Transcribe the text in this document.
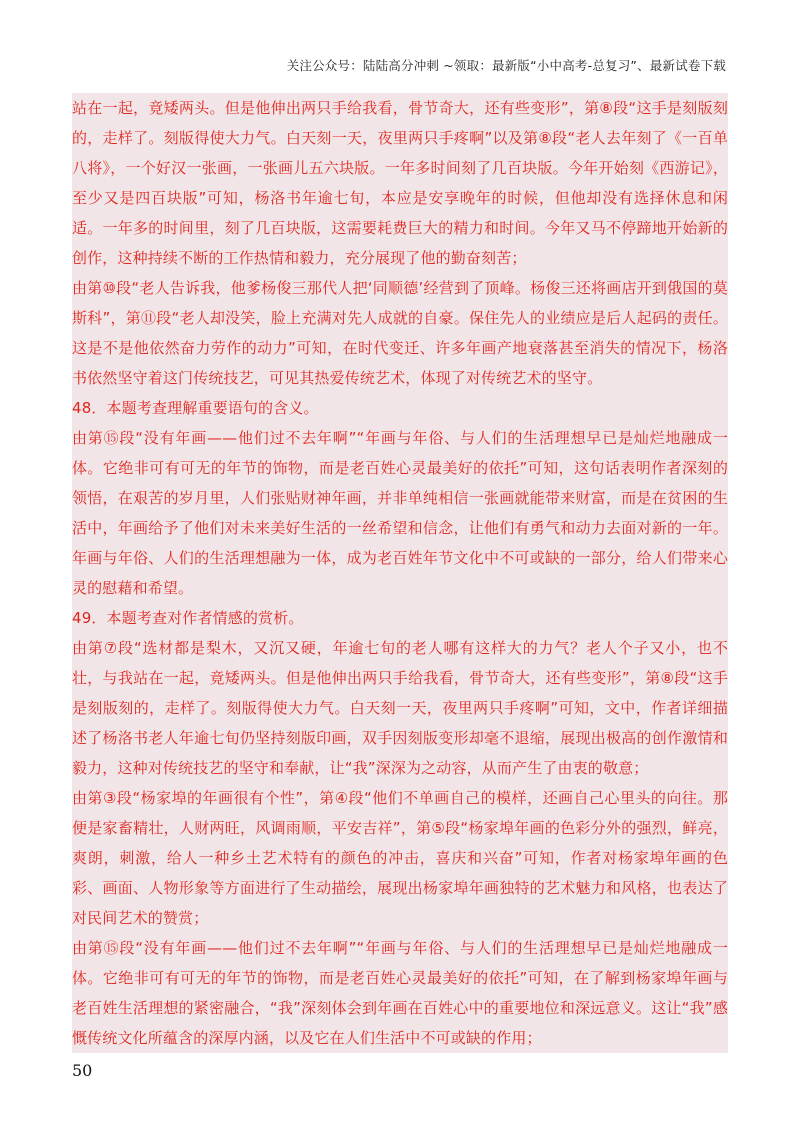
关注公众号：陆陆高分冲刺 ~领取：最新版“小中高考-总复习”、最新试卷下载

站在一起，竟矮两头。但是他伸出两只手给我看，骨节奇大，还有些变形”，第⑧段“这手是刻版刻的，走样了。刻版得使大力气。白天刻一天，夜里两只手疼啊”以及第⑧段“老人去年刻了《一百单八将》，一个好汉一张画，一张画儿五六块版。一年多时间刻了几百块版。今年开始刻《西游记》，至少又是四百块版”可知，杨洛书年逾七旬，本应是安享晚年的时候，但他却没有选择休息和闲适。一年多的时间里，刻了几百块版，这需要耗费巨大的精力和时间。今年又马不停蹄地开始新的创作，这种持续不断的工作热情和毅力，充分展现了他的勤奋刻苦；

由第⑩段“老人告诉我，他爹杨俊三那代人把‘同顺德’经营到了顶峰。杨俊三还将画店开到俄国的莫斯科”，第⑪段“老人却没笑，脸上充满对先人成就的自豪。保住先人的业绩应是后人起码的责任。这是不是他依然奋力劳作的动力”可知，在时代变迁、许多年画产地衰落甚至消失的情况下，杨洛书依然坚守着这门传统技艺，可见其热爱传统艺术，体现了对传统艺术的坚守。

48．本题考查理解重要语句的含义。

由第⑮段“没有年画——他们过不去年啊”“年画与年俗、与人们的生活理想早已是灿烂地融成一体。它绝非可有可无的年节的饰物，而是老百姓心灵最美好的依托”可知，这句话表明作者深刻的领悟，在艰苦的岁月里，人们张贴财神年画，并非单纯相信一张画就能带来财富，而是在贫困的生活中，年画给予了他们对未来美好生活的一丝希望和信念，让他们有勇气和动力去面对新的一年。年画与年俗、人们的生活理想融为一体，成为老百姓年节文化中不可或缺的一部分，给人们带来心灵的慰藉和希望。

49．本题考查对作者情感的赏析。

由第⑦段“选材都是梨木，又沉又硬，年逾七旬的老人哪有这样大的力气？老人个子又小，也不壮，与我站在一起，竟矮两头。但是他伸出两只手给我看，骨节奇大，还有些变形”，第⑧段“这手是刻版刻的，走样了。刻版得使大力气。白天刻一天，夜里两只手疼啊”可知，文中，作者详细描述了杨洛书老人年逾七旬仍坚持刻版印画，双手因刻版变形却毫不退缩，展现出极高的创作激情和毅力，这种对传统技艺的坚守和奉献，让“我”深深为之动容，从而产生了由衷的敬意；

由第③段“杨家埠的年画很有个性”，第④段“他们不单画自己的模样，还画自己心里头的向往。那便是家畜精壮，人财两旺，风调雨顺，平安吉祥”，第⑤段“杨家埠年画的色彩分外的强烈，鲜亮，爽朗，刺激，给人一种乡土艺术特有的颜色的冲击，喜庆和兴奋”可知，作者对杨家埠年画的色彩、画面、人物形象等方面进行了生动描绘，展现出杨家埠年画独特的艺术魅力和风格，也表达了对民间艺术的赞赏；

由第⑮段“没有年画——他们过不去年啊”“年画与年俗、与人们的生活理想早已是灿烂地融成一体。它绝非可有可无的年节的饰物，而是老百姓心灵最美好的依托”可知，在了解到杨家埠年画与老百姓生活理想的紧密融合，“我”深刻体会到年画在百姓心中的重要地位和深远意义。这让“我”感慨传统文化所蕴含的深厚内涵，以及它在人们生活中不可或缺的作用；

50
